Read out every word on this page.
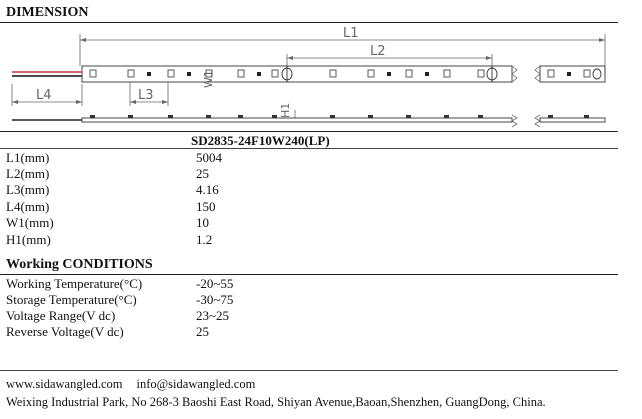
DIMENSION
L1
L2
L4	L3
W1
H1
SD2835-24F10W240(LP)
L1(mm)	5004
L2(mm)	25
L3(mm)	4.16
L4(mm)	150
W1(mm)	10
H1(mm)	1.2
Working CONDITIONS
Working Temperature(°C)	-20~55
Storage Temperature(°C)	-30~75
Voltage Range(V dc)	23~25
Reverse Voltage(V dc)	25
www.sidawangled.com info@sidawangled.com
Weixing Industrial Park, No 268-3 Baoshi East Road, Shiyan Avenue,Baoan,Shenzhen, GuangDong, China.
